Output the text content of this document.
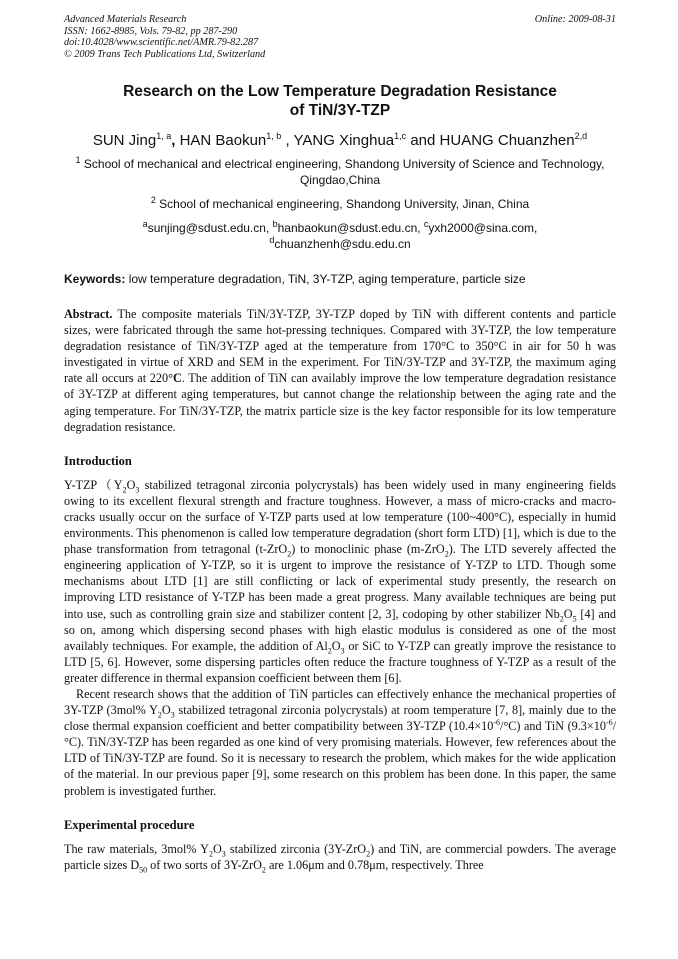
Advanced Materials Research	Online: 2009-08-31
ISSN: 1662-8985, Vols. 79-82, pp 287-290
doi:10.4028/www.scientific.net/AMR.79-82.287
© 2009 Trans Tech Publications Ltd, Switzerland
Research on the Low Temperature Degradation Resistance
of TiN/3Y-TZP
SUN Jing$^{1, a}$, HAN Baokun$^{1, b}$ , YANG Xinghua$^{1,c}$ and HUANG Chuanzhen$^{2,d}$
$^1$ School of mechanical and electrical engineering, Shandong University of Science and Technology,
Qingdao,China
$^2$ School of mechanical engineering, Shandong University, Jinan, China
$^a$sunjing@sdust.edu.cn, $^b$hanbaokun@sdust.edu.cn, $^c$yxh2000@sina.com,
$^d$chuanzhenh@sdu.edu.cn
Keywords: low temperature degradation, TiN, 3Y-TZP, aging temperature, particle size

Abstract. The composite materials TiN/3Y-TZP, 3Y-TZP doped by TiN with different contents and particle sizes, were fabricated through the same hot-pressing techniques. Compared with 3Y-TZP, the low temperature degradation resistance of TiN/3Y-TZP aged at the temperature from 170°C to 350°C in air for 50 h was investigated in virtue of XRD and SEM in the experiment. For TiN/3Y-TZP and 3Y-TZP, the maximum aging rate all occurs at 220°C. The addition of TiN can availably improve the low temperature degradation resistance of 3Y-TZP at different aging temperatures, but cannot change the relationship between the aging rate and the aging temperature. For TiN/3Y-TZP, the matrix particle size is the key factor responsible for its low temperature degradation resistance.

Introduction

$Y-TZP(Y_2O_3$ stabilized tetragonal zirconia polycrystals) has been widely used in many engineering fields owing to its excellent flexural strength and fracture toughness. However, a mass of micro-cracks and macro-cracks usually occur on the surface of Y-TZP parts used at low temperature (100~400°C), especially in humid environments. This phenomenon is called low temperature degradation (short form LTD) [1], which is due to the phase transformation from tetragonal (t-ZrO$_2$) to monoclinic phase (m-ZrO$_2$). The LTD severely affected the engineering application of Y-TZP, so it is urgent to improve the resistance of Y-TZP to LTD. Though some mechanisms about LTD [1] are still conflicting or lack of experimental study presently, the research on improving LTD resistance of Y-TZP has been made a great progress. Many available techniques are being put into use, such as controlling grain size and stabilizer content [2, 3], codoping by other stabilizer $Nb_2O_5$ [4] and so on, among which dispersing second phases with high elastic modulus is considered as one of the most availably techniques. For example, the addition of $Al_2O_3$ or SiC to Y-TZP can greatly improve the resistance to LTD [5, 6]. However, some dispersing particles often reduce the fracture toughness of Y-TZP as a result of the greater difference in thermal expansion coefficient between them [6].

Recent research shows that the addition of TiN particles can effectively enhance the mechanical properties of 3Y-TZP (3mol% $Y_2O_3$ stabilized tetragonal zirconia polycrystals) at room temperature [7, 8], mainly due to the close thermal expansion coefficient and better compatibility between 3Y-TZP $(10.4\times 10^{-6}/^\circ C)$ and TiN $(9.3\times 10^{-6}/^\circ C)$. TiN/3Y-TZP has been regarded as one kind of very promising materials. However, few references about the LTD of TiN/3Y-TZP are found. So it is necessary to research the problem, which makes for the wide application of the material. In our previous paper [9], some research on this problem has been done. In this paper, the same problem is investigated further.

Experimental procedure

The raw materials, 3mol% $Y_2O_3$ stabilized zirconia (3Y-ZrO$_2$) and TiN, are commercial powders. The average particle sizes $D_{50}$ of two sorts of 3Y-ZrO$_2$ are 1.06μm and 0.78μm, respectively. Three
